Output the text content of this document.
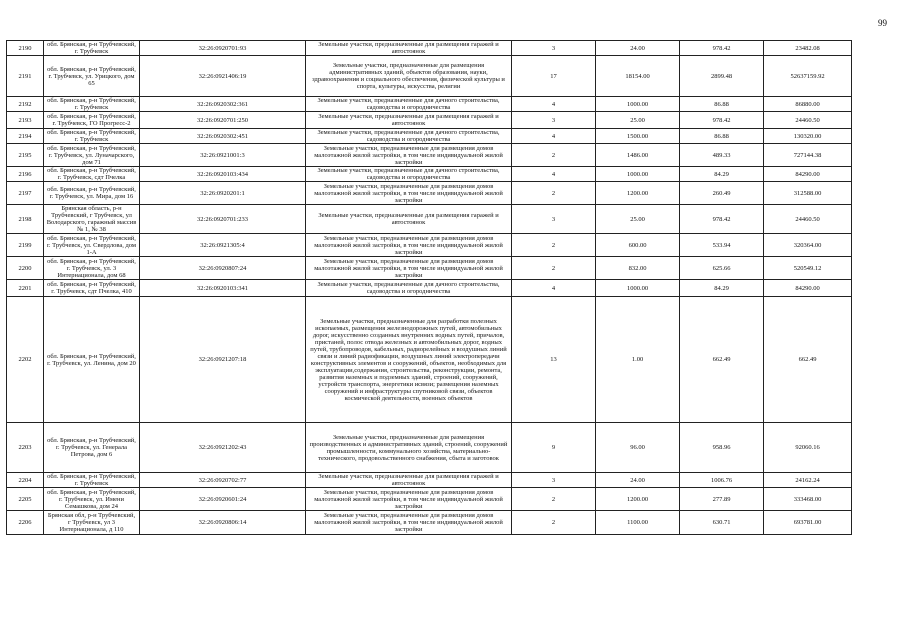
99
2190	обл. Брянская, р-н Трубчевский, г. Трубчевск	32:26:0920701:93	Земельные участки, предназначенные для размещения гаражей и автостоянок	3	24.00	978.42	23482.08
2191	обл. Брянская, р-н Трубчевский, г. Трубчевск, ул. Урицкого, дом 65	32:26:0921406:19	Земельные участки, предназначенные для размещения административных зданий, объектов образования, науки, здравоохранения и социального обеспечения, физической культуры и спорта, культуры, искусства, религии	17	18154.00	2899.48	52637159.92
2192	обл. Брянская, р-н Трубчевский, г. Трубчевск	32:26:0920302:361	Земельные участки, предназначенные для дачного строительства, садоводства и огородничества	4	1000.00	86.88	86880.00
2193	обл. Брянская, р-н Трубчевский, г. Трубчевск, ГО Прогресс-2	32:26:0920701:250	Земельные участки, предназначенные для размещения гаражей и автостоянок	3	25.00	978.42	24460.50
2194	обл. Брянская, р-н Трубчевский, г. Трубчевск	32:26:0920302:451	Земельные участки, предназначенные для дачного строительства, садоводства и огородничества	4	1500.00	86.88	130320.00
2195	обл. Брянская, р-н Трубчевский, г. Трубчевск, ул. Луначарского, дом 71	32:26:0921001:3	Земельные участки, предназначенные для размещения домов малоэтажной жилой застройки, в том числе индивидуальной жилой застройки	2	1486.00	489.33	727144.38
2196	обл. Брянская, р-н Трубчевский, г. Трубчевск, сдт Пчелка	32:26:0920103:434	Земельные участки, предназначенные для дачного строительства, садоводства и огородничества	4	1000.00	84.29	84290.00
2197	обл. Брянская, р-н Трубчевский, г. Трубчевск, ул. Мира, дом 16	32:26:0920201:1	Земельные участки, предназначенные для размещения домов малоэтажной жилой застройки, в том числе индивидуальной жилой застройки	2	1200.00	260.49	312588.00
2198	Брянская область, р-н Трубчевский, г Трубчевск, ул Володарского, гаражный массив № 1, № 38	32:26:0920701:233	Земельные участки, предназначенные для размещения гаражей и автостоянок	3	25.00	978.42	24460.50
2199	обл. Брянская, р-н Трубчевский, г. Трубчевск, ул. Свердлова, дом 1-А	32:26:0921305:4	Земельные участки, предназначенные для размещения домов малоэтажной жилой застройки, в том числе индивидуальной жилой застройки	2	600.00	533.94	320364.00
2200	обл. Брянская, р-н Трубчевский, г. Трубчевск, ул. 3 Интернационала, дом 68	32:26:0920807:24	Земельные участки, предназначенные для размещения домов малоэтажной жилой застройки, в том числе индивидуальной жилой застройки	2	832.00	625.66	520549.12
2201	обл. Брянская, р-н Трубчевский, г. Трубчевск, сдт Пчелка, 410	32:26:0920103:341	Земельные участки, предназначенные для дачного строительства, садоводства и огородничества	4	1000.00	84.29	84290.00
2202	обл. Брянская, р-н Трубчевский, г. Трубчевск, ул. Ленина, дом 20	32:26:0921207:18	Земельные участки, предназначенные для разработки полезных ископаемых, размещения железнодорожных путей, автомобильных дорог, искусственно созданных внутренних водных путей, причалов, пристаней, полос отвода железных и автомобильных дорог, водных путей, трубопроводов, кабельных, радиорелейных и воздушных линий связи и линий радиофикации, воздушных линий электропередачи конструктивных элементов и сооружений, объектов, необходимых для эксплуатации,содержания, строительства, реконструкции, ремонта, развития наземных и подземных зданий, строений, сооружений, устройств транспорта, энергетики исвязи; размещения наземных сооружений и инфраструктуры спутниковой связи, объектов космической деятельности, военных объектов	13	1.00	662.49	662.49
2203	обл. Брянская, р-н Трубчевский, г. Трубчевск, ул. Генерала Петрова, дом 6	32:26:0921202:43	Земельные участки, предназначенные для размещения производственных и административных зданий, строений, сооружений промышленности, коммунального хозяйства, материально-технического, продовольственного снабжения, сбыта и заготовок	9	96.00	958.96	92060.16
2204	обл. Брянская, р-н Трубчевский, г. Трубчевск	32:26:0920702:77	Земельные участки, предназначенные для размещения гаражей и автостоянок	3	24.00	1006.76	24162.24
2205	обл. Брянская, р-н Трубчевский, г. Трубчевск, ул. Имени Семашкова, дом 24	32:26:0920601:24	Земельные участки, предназначенные для размещения домов малоэтажной жилой застройки, в том числе индивидуальной жилой застройки	2	1200.00	277.89	333468.00
2206	Брянская обл, р-н Трубчевский, г Трубчевск, ул 3 Интернационала, д 110	32:26:0920806:14	Земельные участки, предназначенные для размещения домов малоэтажной жилой застройки, в том числе индивидуальной жилой застройки	2	1100.00	630.71	693781.00
